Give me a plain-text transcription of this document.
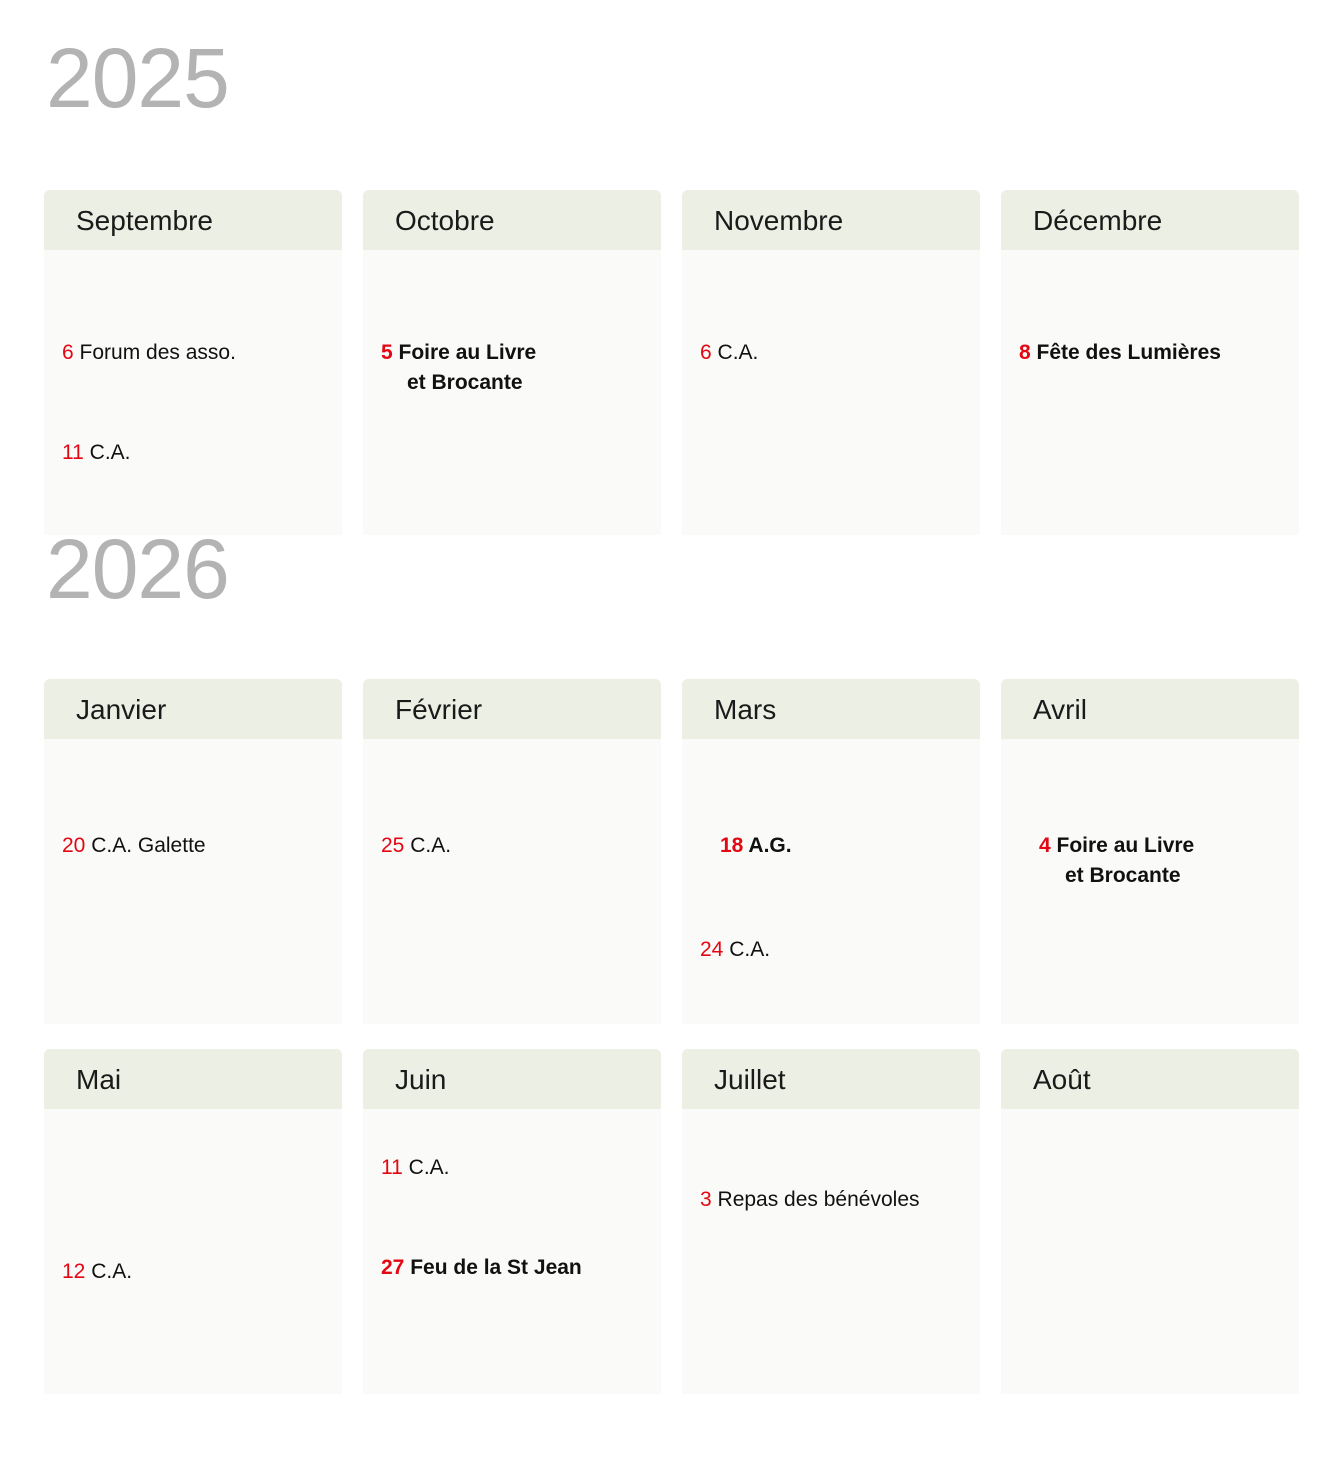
2025
Septembre
6 Forum des asso.
11 C.A.
Octobre
5 Foire au Livre
et Brocante
Novembre
6 C.A.
Décembre
8 Fête des Lumières
2026
Janvier
20 C.A. Galette
Février
25 C.A.
Mars
18 A.G.
24 C.A.
Avril
4 Foire au Livre
et Brocante
Mai
12 C.A.
Juin
11 C.A.
27 Feu de la St Jean
Juillet
3 Repas des bénévoles
Août
